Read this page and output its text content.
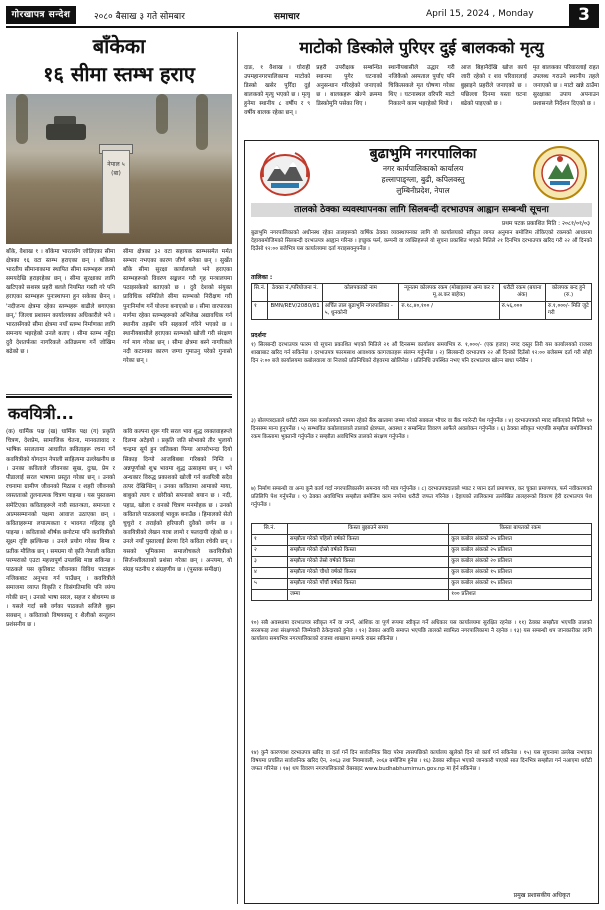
गोरखापत्र सन्देश	२०८० बैसाख ३ गते सोमबार	समाचार	April 15, 2024 , Monday	3
बाँकेका
१६ सीमा स्तम्भ हराए
नेपाल ५ (बा)
बाँके, वैशाख १ । बाँकेमा भारतसँग जोडिएका सीमा क्षेत्रका १६ वटा स्तम्भ हराएका छन् । बाँकेका भारतीय सीमानाकामा स्थापित सीमा स्तम्भहरू लामो समयदेखि हराइरहेका छन् । सीमा सुरक्षाका लागि खटिएको सशस्त्र प्रहरी बलले नियमित गस्ती गरे पनि हराएका स्तम्भहरू पुनःस्थापना हुन सकेका छैनन् । 'नदीजन्य क्षेत्रमा रहेका स्तम्भहरू बाढीले बगाएका छन्,' जिल्ला प्रशासन कार्यालयका अधिकारीले भने । भारतसँगको सीमा क्षेत्रमा नयाँ स्तम्भ निर्माणका लागि समन्वय भइरहेको उनले बताए । सीमा स्तम्भ नहुँदा दुवै देशतर्फका नागरिकले अतिक्रमण गर्ने जोखिम बढेको छ ।
सीमा क्षेत्रका ३२ वटा सहायक स्तम्भसमेत मर्मत सम्भार नभएका कारण जीर्ण बनेका छन् । सुर्खेत बाँके सीमा सुरक्षा कार्यालयले भने हराएका स्तम्भहरूको विवरण सङ्कलन गरी गृह मन्त्रालयमा पठाइसकेको बताएको छ । दुवै देशको संयुक्त प्राविधिक समितिले सीमा स्तम्भको निरीक्षण गरी पुनःनिर्माण गर्ने योजना बनाएको छ । सीमा वारपारका मार्गमा रहेका स्तम्भहरूको अभिलेख अद्यावधिक गर्न स्थानीय तहसँग पनि सहकार्य गरिने भएको छ । स्थानीयबासीले हराएका स्तम्भको खोजी गरी संरक्षण गर्न माग गरेका छन् । सीमा क्षेत्रमा बस्ने नागरिकले नदी कटानका कारण जग्गा गुमाउनु परेको गुनासो गरेका छन् ।
माटोको डिस्कोले पुरिएर दुई बालकको मृत्यु
दाङ, १ वैशाख । घोराही उपमहानगरपालिकामा माटोको डिस्को खसेर पुरिँदा दुई बालकको मृत्यु भएको छ । मृत्यु हुनेमा स्थानीय ८ वर्षीय र ९ वर्षीय बालक रहेका छन् ।
प्रहरी उपरीक्षक सम्बन्धित स्थानमा पुगेर घटनाको अनुसन्धान गरिरहेको जनाएको छ । बालकहरू खेल्ने क्रममा डिस्कोमुनि पसेका थिए ।
स्थानीयबासीले उद्धार गरी नजिकैको अस्पताल पुर्याए पनि चिकित्सकले मृत घोषणा गरेका थिए । घटनास्थल वरिपरि माटो निकाल्ने काम भइरहेको थियो ।
आज बिहानैदेखि खोज कार्य जारी रहेको र शव परिवारलाई बुझाइने प्रहरीले जनाएको छ । पछिल्ला दिनमा यस्ता घटना बढेको पाइएको छ ।
मृत बालकका परिवारलाई राहत उपलब्ध गराउने स्थानीय तहले जनाएको छ । माटो खन्ने ठाउँमा सुरक्षाका उपाय अपनाउन प्रशासनले निर्देशन दिएको छ ।
बुढाभुमि नगरपालिका
नगर कार्यपालिकाको कार्यालय
हल्लापाङ्ग्ला, बुढी, कपिलवस्तु
लुम्बिनीप्रदेश, नेपाल
तालको ठेक्का व्यवस्थापनका लागि सिलबन्दी दरभाउपत्र आह्वान सम्बन्धी सूचना
प्रथम पटक प्रकाशित मिति : २०८१/०१/०३
बुढाभुमि नगरपालिकाको अधीनस्थ रहेका तालहरूको वार्षिक ठेक्का व्यवस्थापनका लागि यो कार्यालयको स्वीकृत लागत अनुमान बमोजिम तोकिएको रकमको आधारमा देहायबमोजिमको सिलबन्दी दरभाउपत्र आह्वान गरिन्छ । इच्छुक फर्म, कम्पनी वा व्यक्तिहरूले यो सूचना प्रकाशित भएको मितिले २१ दिनभित्र दरभाउपत्र खरिद गरी २२ औं दिनको दिउँसो १२:०० बजेभित्र यस कार्यालयमा दर्ता गराइसक्नुपर्नेछ ।
तालिका :
सि.नं.	ठेक्का नं./परियोजना नं.	कोलपकाको नाम	न्यूनतम कोलपक रकम (मोबाइलमा अन्य कर र मू.अ.कर बाहेक)	धरौटी रकम (बयाना अंक)	कोलपक बन्द हुने (रु.)
१	BMN/REV/2080/81	अर्चित ताल बुढाभुमि नगरपालिका - ५, धुनकोनी	रु.१८,४०,१०० /	रु.५६,०००	रु.१,०००/- मिति जुटे गरी
प्रदर्शनः
१) सिलबन्दी दरभाउपत्र फारम यो सूचना प्रकाशित भएको मितिले २१ औं दिनसम्म कार्यालय समयभित्र रु. १,०००/- (एक हजार) नगद दस्तुर तिरी यस कार्यालयको राजस्व शाखाबाट खरिद गर्न सकिनेछ । दरभाउपत्र फारमसाथ आवश्यक कागजातहरू संलग्न गर्नुपर्नेछ । २) सिलबन्दी दरभाउपत्र २२ औं दिनको दिउँसो १२:०० बजेसम्म दर्ता गरी सोही दिन २:०० बजे कार्यालयमा कबोलवाला वा निजको प्रतिनिधिको रोहवरमा खोलिनेछ । प्रतिनिधि उपस्थित नभए पनि दरभाउपत्र खोल्न बाधा पर्नेछैन ।
३) बोलपत्रदाताले धरौटी रकम यस कार्यालयको नाममा रहेको बैंक खातामा जम्मा गरेको सक्कल भौचर वा बैंक ग्यारेन्टी पेश गर्नुपर्नेछ । ४) दरभाउपत्रको म्याद सकिएको मितिले ९० दिनसम्म मान्य हुनुपर्नेछ । ५) सम्भावित कबोलवालाले तालको क्षेत्रफल, अवस्था र सम्बन्धित विवरण आफैंले अवलोकन गर्नुपर्नेछ । ६) ठेक्का स्वीकृत भएपछि सम्झौता बमोजिमको रकम किस्तामा भुक्तानी गर्नुपर्नेछ र सम्झौता अवधिभित्र तालको संरक्षण गर्नुपर्नेछ ।
७) निर्माण सम्बन्धी वा अन्य कुनै कार्य गर्दा नगरपालिकासँग समन्वय गरी मात्र गर्नुपर्नेछ । ८) दरभाउपत्रदाताले भ्याट र प्यान दर्ता प्रमाणपत्र, कर चुक्ता प्रमाणपत्र, फर्म नवीकरणको प्रतिलिपि पेश गर्नुपर्नेछ । ९) ठेक्का अवधिभित्र सम्झौता बमोजिम काम नगरेमा धरौटी जफत गरिनेछ । देहायको तालिकामा उल्लेखित तालहरूको विवरण हेरी दरभाउपत्र पेश गर्नुपर्नेछ ।
सि.नं.	किस्ता बुझाउने समय	किस्ता बापतको रकम
१	सम्झौता गरेको पहिलो वर्षको किस्ता	कुल कबोल अंकको २५ प्रतिशत
२	सम्झौता गरेको दोस्रो वर्षको किस्ता	कुल कबोल अंकको २५ प्रतिशत
३	सम्झौता गरेको तेस्रो वर्षको किस्ता	कुल कबोल अंकको २० प्रतिशत
४	सम्झौता गरेको चौथो वर्षको किस्ता	कुल कबोल अंकको १५ प्रतिशत
५	सम्झौता गरेको पाँचौं वर्षको किस्ता	कुल कबोल अंकको १५ प्रतिशत
	जम्मा	१०० प्रतिशत
१०) सबै अवस्थामा दरभाउपत्र स्वीकृत गर्ने वा नगर्ने, आंशिक वा पूर्ण रूपमा स्वीकृत गर्ने अधिकार यस कार्यालयमा सुरक्षित रहनेछ । ११) ठेक्का सम्झौता भएपछि तालको सरसफाइ तथा संरक्षणको जिम्मेवारी ठेकेदारको हुनेछ । १२) ठेक्का अवधि समाप्त भएपछि तालको स्वामित्व नगरपालिकामा नै रहनेछ । १३) यस सम्बन्धी थप जानकारीका लागि कार्यालय समयभित्र नगरपालिकाको राजस्व शाखामा सम्पर्क राख्न सकिनेछ ।
१४) कुनै कारणवश दरभाउपत्र खरिद वा दर्ता गर्ने दिन सार्वजनिक बिदा परेमा त्यसपछिको कार्यालय खुलेको दिन सो कार्य गर्न सकिनेछ । १५) यस सूचनामा उल्लेख नभएका विषयमा प्रचलित सार्वजनिक खरिद ऐन, २०६३ तथा नियमावली, २०६४ बमोजिम हुनेछ । १६) ठेक्का स्वीकृत भएको जानकारी पाएको सात दिनभित्र सम्झौता गर्न नआएमा धरौटी जफत गरिनेछ । १७) थप विवरण नगरपालिकाको वेबसाइट www.budhabhumimun.gov.np मा हेर्न सकिनेछ ।
प्रमुख प्रशासकीय अधिकृत
कवयित्री...
(क) धार्मिक पक्ष (ख) धार्मिक पक्ष (ग) प्रकृति चित्रण, देशप्रेम, सामाजिक चेतना, मानवतावाद र भाषिक सरलतामा आधारित कविताहरू रचना गर्ने कवयित्रीको योगदान नेपाली साहित्यमा उल्लेखनीय छ । उनका कविताले जीवनका सुख, दुःख, प्रेम र पीडालाई सरल भाषामा प्रस्तुत गरेका छन् । उनको रचनामा ग्रामीण जीवनको मिठास र शहरी जीवनको व्यस्तताको तुलनात्मक चित्रण पाइन्छ । यस पुस्तकमा समेटिएका कविताहरूले नारी स्वतन्त्रता, समानता र आत्मसम्मानको पक्षमा आवाज उठाएका छन् । कविताहरूमा लयात्मकता र भावगत गहिराइ दुवै पाइन्छ । कविताको शीर्षक छनोटमा पनि कवयित्रीको सूक्ष्म दृष्टि झल्किन्छ । उनले प्रयोग गरेका बिम्ब र प्रतीक मौलिक छन् । समग्रमा यो कृति नेपाली कविता परम्पराको एउटा महत्त्वपूर्ण उपलब्धि मान्न सकिन्छ । पाठकले यस कृतिबाट जीवनका विविध पाटाहरू नजिकबाट अनुभव गर्न पाउँछन् । कवयित्रीले समाजमा व्याप्त विकृति र विसंगतिमाथि पनि व्यंग्य गरेकी छन् । उनको भाषा सरल, सहज र बोधगम्य छ । यसले गर्दा सबै वर्गका पाठकले सजिलै बुझ्न सक्छन् । कविताको विषयवस्तु र शैलीको सन्तुलन प्रशंसनीय छ ।
कवि कल्पना शुरू गरि सरल भाव शुद्ध व्यक्तवाहरूले दिलमा अटेइयो । प्रकृति जति सोभाको तीर भुलायो चन्द्रमा सूर्य हुन जतिकबा पिन्या आपरोभन्दा दियो सिकाइ दिन्यो आजबिबबा गरिबको निम्ति । अन्नपूर्णाको शुभ्र भावमा शुद्ध उत्साहमा छन् । भने अन्धकार विरुद्ध प्रकाशको खोजी गर्न कवयित्री सदैव तत्पर देखिन्छिन् । उनका कवितामा आमाको माया, बाबुको त्याग र छोरीको सपनाको बयान छ । नदी, पहाड, खोला र वनको चित्रण मनमोहक छ । उनको कविताले पाठकलाई भावुक बनाउँछ । हिमालको सेतो चुचुरो र तराईको हरियाली दुवैको वर्णन छ । कवयित्रीको लेखन यात्रा लामो र फलदायी रहेको छ । उनले नयाँ पुस्तालाई प्रेरणा दिने कविता रचेकी छन् । यसको भूमिकामा समालोचकले कवयित्रीको सिर्जनशीलताको प्रशंसा गरेका छन् । अन्त्यमा, यो संग्रह पठनीय र संग्रहणीय छ । (पुस्तक समीक्षा)
